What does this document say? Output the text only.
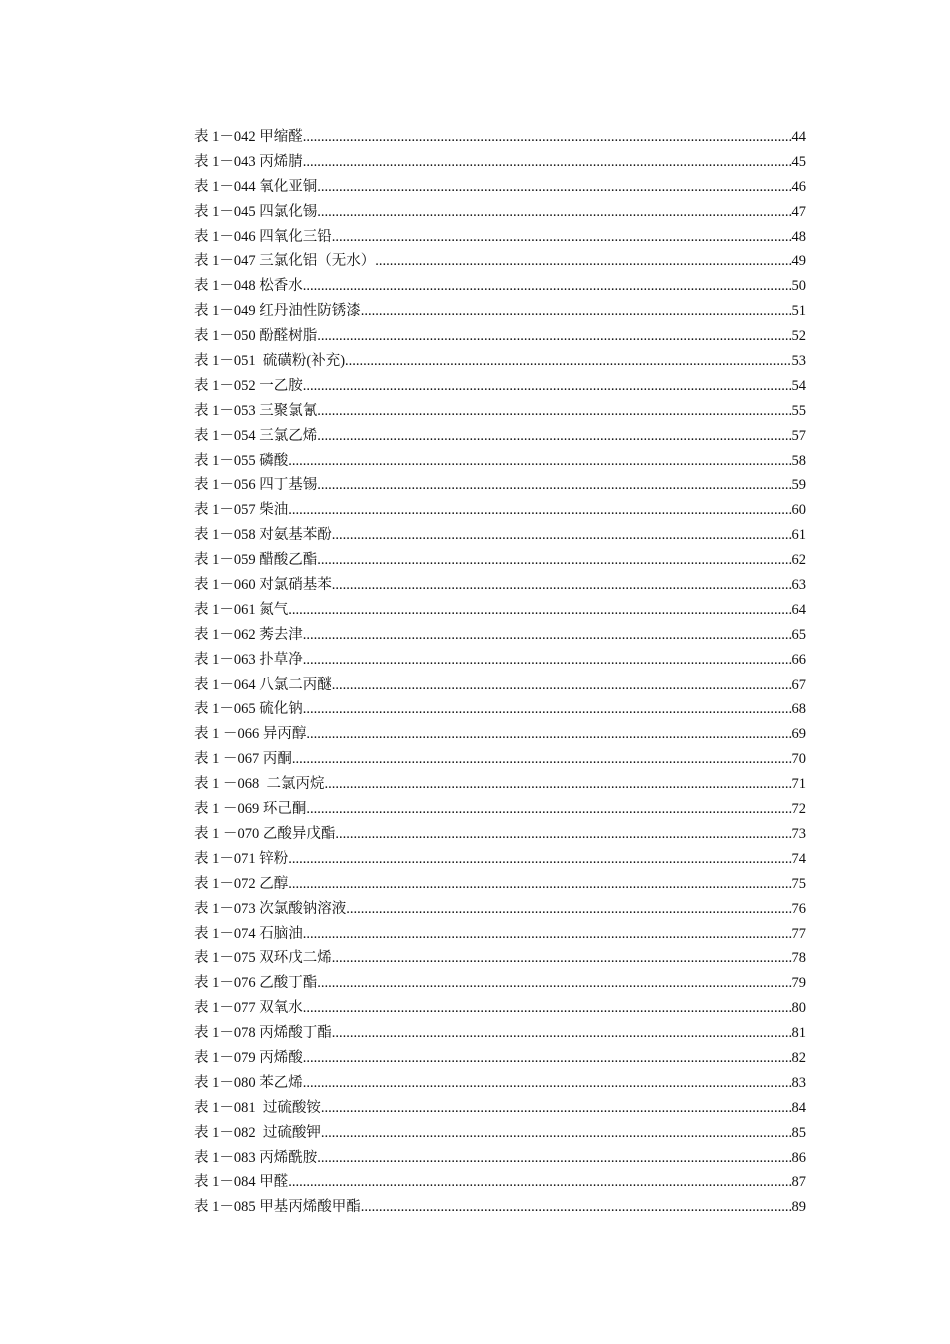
表 1－042 甲缩醛 .....	44
表 1－043 丙烯腈 .....	45
表 1－044 氧化亚铜 .....	46
表 1－045 四氯化锡 .....	47
表 1－046 四氧化三铅 .....	48
表 1－047 三氯化铝（无水） .....	49
表 1－048 松香水 .....	50
表 1－049 红丹油性防锈漆 .....	51
表 1－050 酚醛树脂 .....	52
表 1－051  硫磺粉(补充) .....	53
表 1－052 一乙胺 .....	54
表 1－053 三聚氯氰 .....	55
表 1－054 三氯乙烯 .....	57
表 1－055 磷酸 .....	58
表 1－056 四丁基锡 .....	59
表 1－057 柴油 .....	60
表 1－058 对氨基苯酚 .....	61
表 1－059 醋酸乙酯 .....	62
表 1－060 对氯硝基苯 .....	63
表 1－061 氮气 .....	64
表 1－062 莠去津 .....	65
表 1－063 扑草净 .....	66
表 1－064 八氯二丙醚 .....	67
表 1－065 硫化钠 .....	68
表 1 －066 异丙醇 .....	69
表 1 －067 丙酮 .....	70
表 1 －068  二氯丙烷 .....	71
表 1 －069 环己酮 .....	72
表 1 －070 乙酸异戊酯 .....	73
表 1－071 锌粉 .....	74
表 1－072 乙醇 .....	75
表 1－073 次氯酸钠溶液 .....	76
表 1－074 石脑油 .....	77
表 1－075 双环戊二烯 .....	78
表 1－076 乙酸丁酯 .....	79
表 1－077 双氧水 .....	80
表 1－078 丙烯酸丁酯 .....	81
表 1－079 丙烯酸 .....	82
表 1－080 苯乙烯 .....	83
表 1－081  过硫酸铵 .....	84
表 1－082  过硫酸钾 .....	85
表 1－083 丙烯酰胺 .....	86
表 1－084 甲醛 .....	87
表 1－085 甲基丙烯酸甲酯 .....	89
